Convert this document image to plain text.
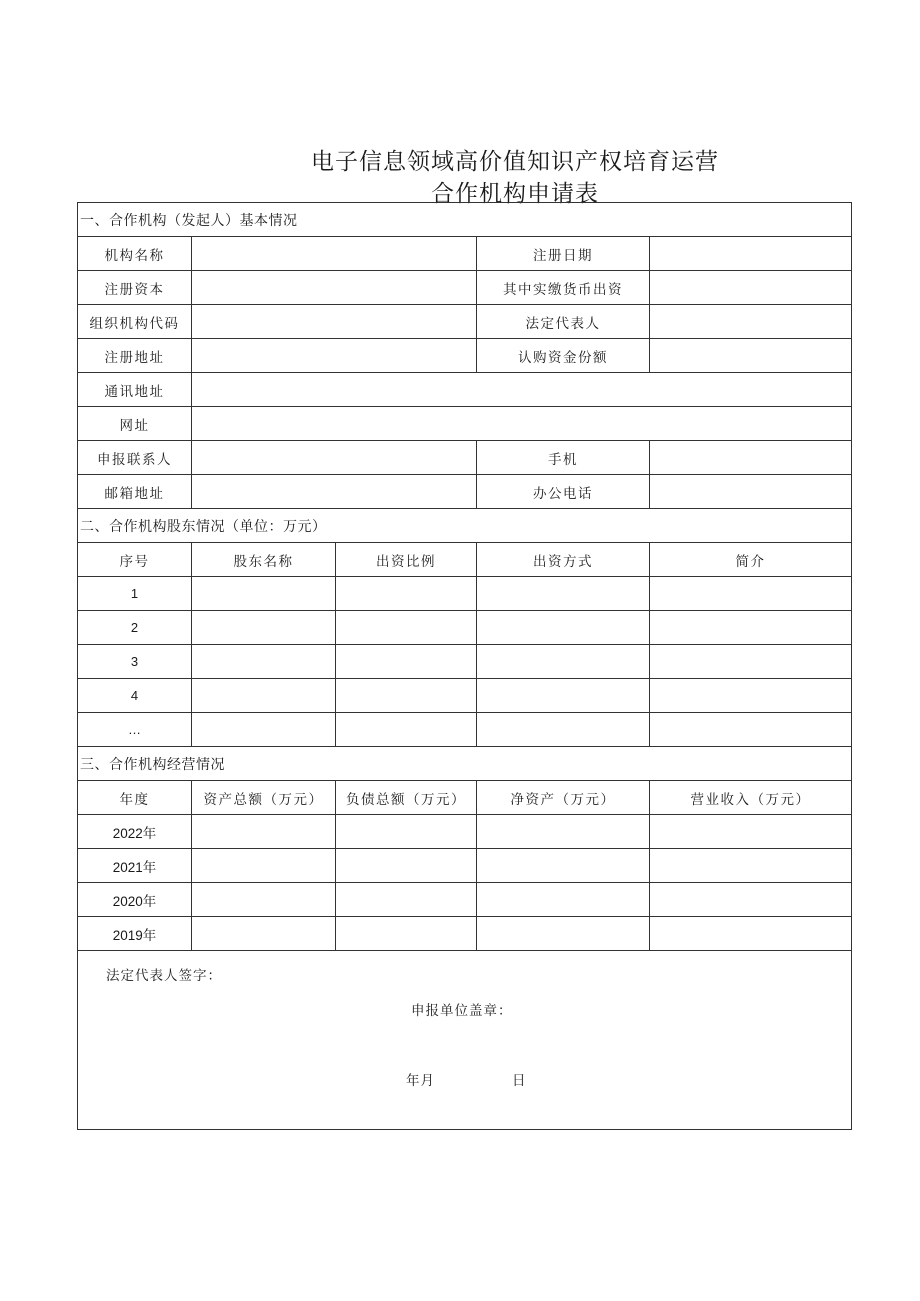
电子信息领域高价值知识产权培育运营
合作机构申请表
一、合作机构（发起人）基本情况				
机构名称			注册日期	
注册资本			其中实缴货币出资	
组织机构代码			法定代表人	
注册地址			认购资金份额	
通讯地址				
网址				
申报联系人			手机	
邮箱地址			办公电话	
二、合作机构股东情况（单位：万元）				
序号	股东名称	出资比例	出资方式	简介
1				
2				
3				
4				
…				
三、合作机构经营情况				
年度	资产总额（万元）	负债总额（万元）	净资产（万元）	营业收入（万元）
2022年				
2021年				
2020年				
2019年				

法定代表人签字：
申报单位盖章：
年月 日				
